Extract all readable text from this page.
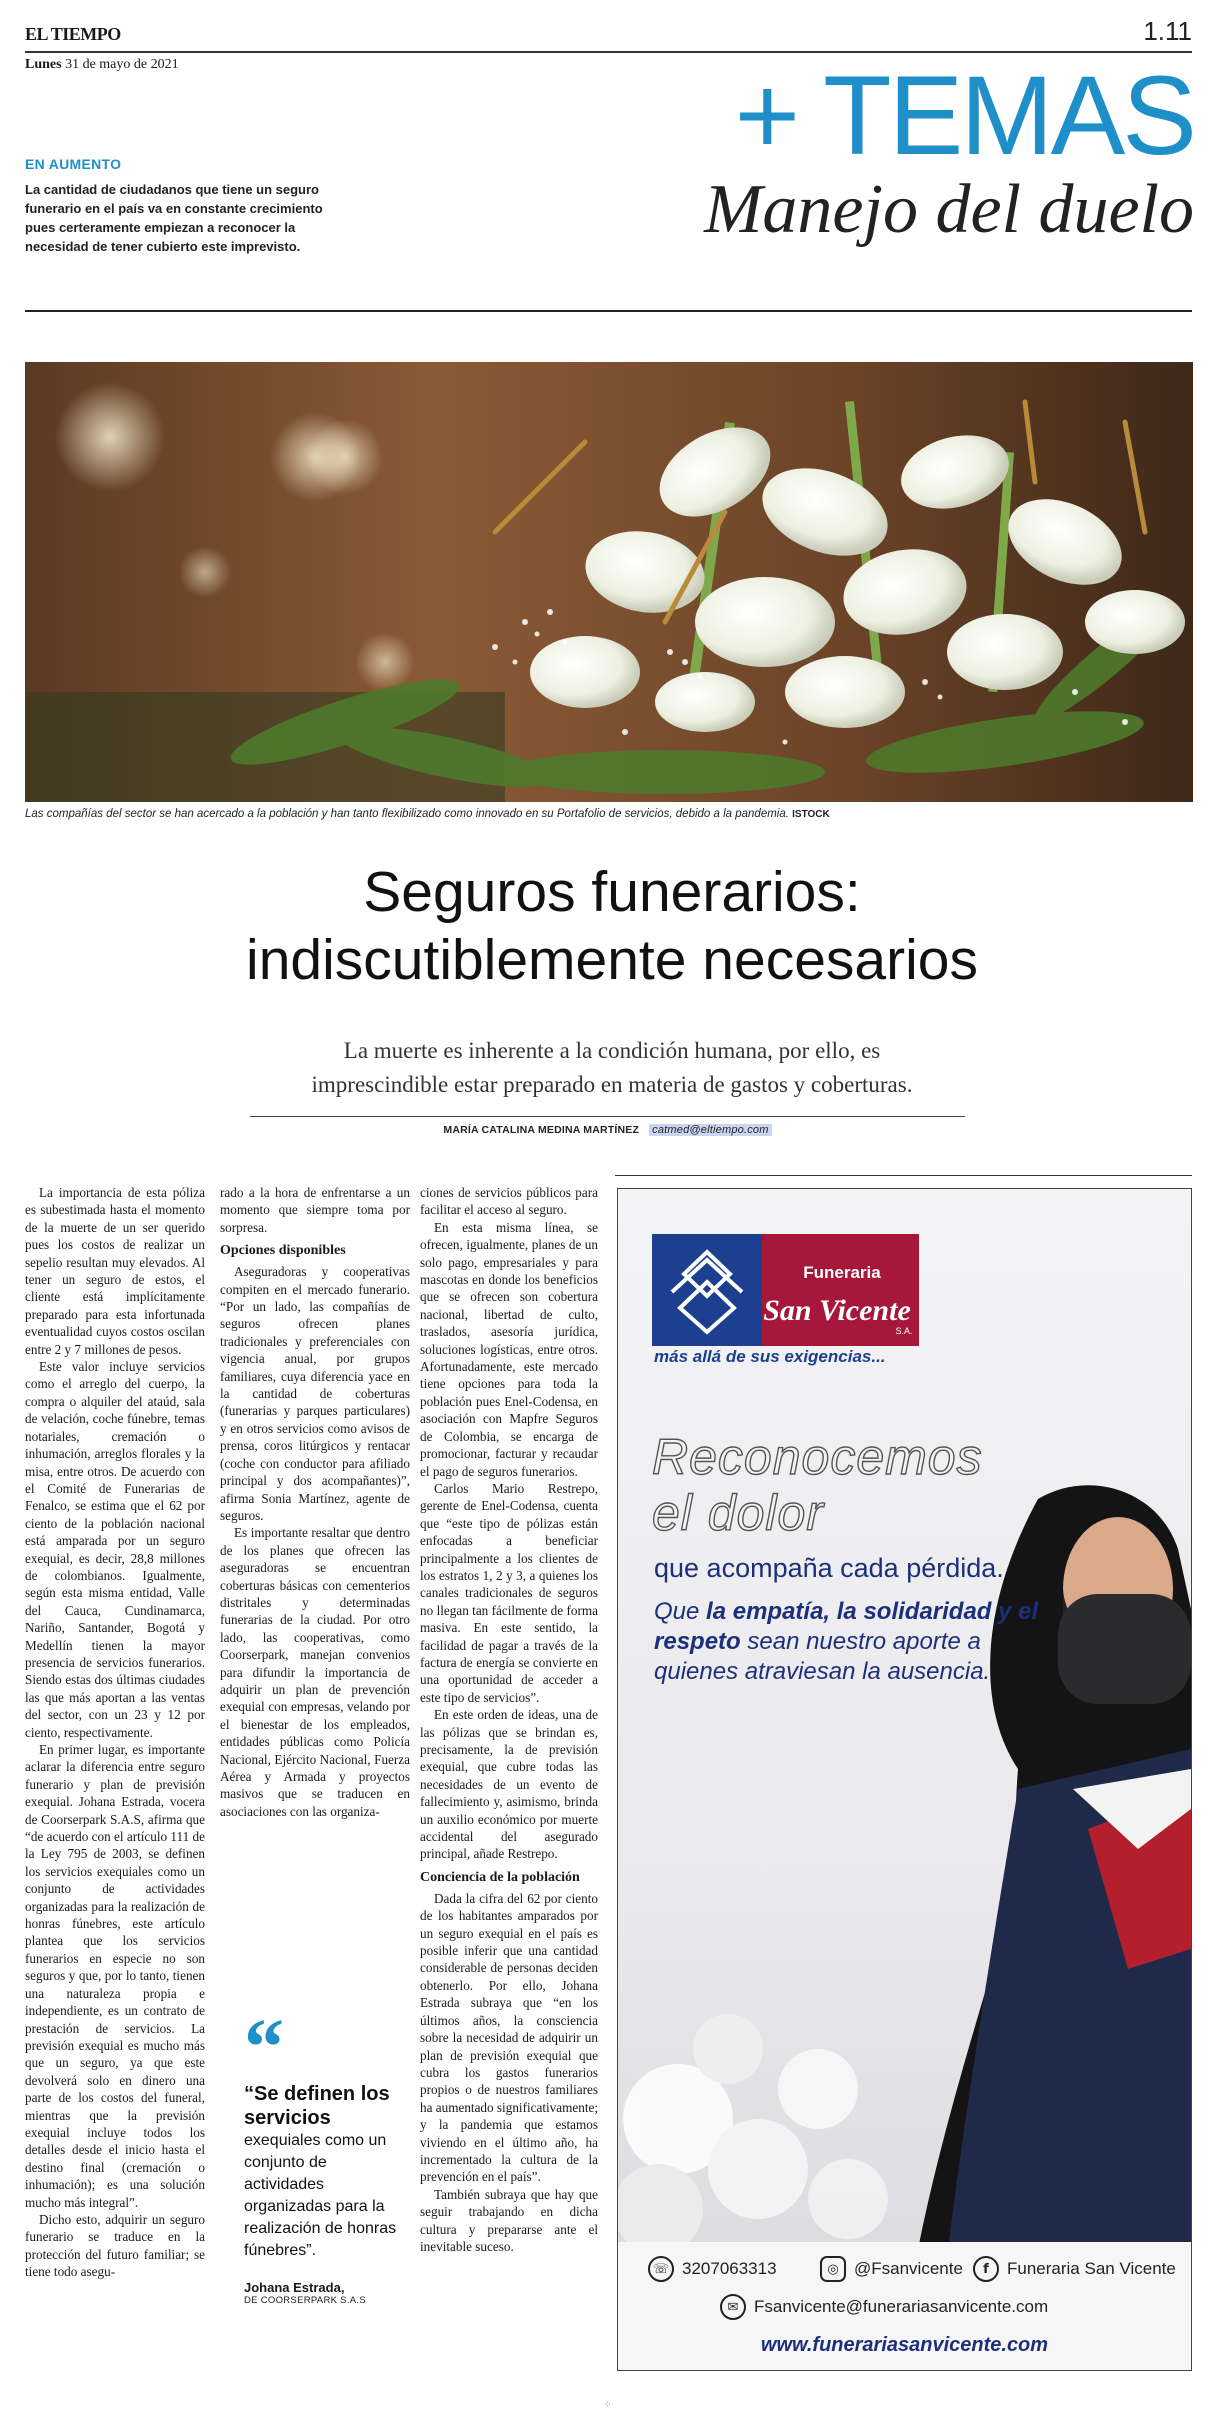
EL TIEMPO	1.11
Lunes 31 de mayo de 2021
EN AUMENTO
La cantidad de ciudadanos que tiene un seguro funerario en el país va en constante crecimiento pues certeramente empiezan a reconocer la necesidad de tener cubierto este imprevisto.
+ TEMAS
Manejo del duelo
Las compañías del sector se han acercado a la población y han tanto flexibilizado como innovado en su Portafolio de servicios, debido a la pandemia. ISTOCK
Seguros funerarios:
indiscutiblemente necesarios
La muerte es inherente a la condición humana, por ello, es
imprescindible estar preparado en materia de gastos y coberturas.
MARÍA CATALINA MEDINA MARTÍNEZ catmed@eltiempo.com

La importancia de esta póliza es subestimada hasta el momento de la muerte de un ser querido pues los costos de realizar un sepelio resultan muy elevados. Al tener un seguro de estos, el cliente está implícitamente preparado para esta infortunada eventualidad cuyos costos oscilan entre 2 y 7 millones de pesos.

Este valor incluye servicios como el arreglo del cuerpo, la compra o alquiler del ataúd, sala de velación, coche fúnebre, temas notariales, cremación o inhumación, arreglos florales y la misa, entre otros. De acuerdo con el Comité de Funerarias de Fenalco, se estima que el 62 por ciento de la población nacional está amparada por un seguro exequial, es decir, 28,8 millones de colombianos. Igualmente, según esta misma entidad, Valle del Cauca, Cundinamarca, Nariño, Santander, Bogotá y Medellín tienen la mayor presencia de servicios funerarios. Siendo estas dos últimas ciudades las que más aportan a las ventas del sector, con un 23 y 12 por ciento, respectivamente.

En primer lugar, es importante aclarar la diferencia entre seguro funerario y plan de previsión exequial. Johana Estrada, vocera de Coorserpark S.A.S, afirma que “de acuerdo con el artículo 111 de la Ley 795 de 2003, se definen los servicios exequiales como un conjunto de actividades organizadas para la realización de honras fúnebres, este artículo plantea que los servicios funerarios en especie no son seguros y que, por lo tanto, tienen una naturaleza propia e independiente, es un contrato de prestación de servicios. La previsión exequial es mucho más que un seguro, ya que este devolverá solo en dinero una parte de los costos del funeral, mientras que la previsión exequial incluye todos los detalles desde el inicio hasta el destino final (cremación o inhumación); es una solución mucho más integral”.

Dicho esto, adquirir un seguro funerario se traduce en la protección del futuro familiar; se tiene todo asegu-

rado a la hora de enfrentarse a un momento que siempre toma por sorpresa.

Opciones disponibles

Aseguradoras y cooperativas compiten en el mercado funerario. “Por un lado, las compañías de seguros ofrecen planes tradicionales y preferenciales con vigencia anual, por grupos familiares, cuya diferencia yace en la cantidad de coberturas (funerarias y parques particulares) y en otros servicios como avisos de prensa, coros litúrgicos y rentacar (coche con conductor para afiliado principal y dos acompañantes)”, afirma Sonia Martínez, agente de seguros.

Es importante resaltar que dentro de los planes que ofrecen las aseguradoras se encuentran coberturas básicas con cementerios distritales y determinadas funerarias de la ciudad. Por otro lado, las cooperativas, como Coorserpark, manejan convenios para difundir la importancia de adquirir un plan de prevención exequial con empresas, velando por el bienestar de los empleados, entidades públicas como Policía Nacional, Ejército Nacional, Fuerza Aérea y Armada y proyectos masivos que se traducen en asociaciones con las organiza-

“
“Se definen los servicios
exequiales como un conjunto de actividades organizadas para la realización de honras fúnebres”.
Johana Estrada,
DE COORSERPARK S.A.S

ciones de servicios públicos para facilitar el acceso al seguro.

En esta misma línea, se ofrecen, igualmente, planes de un solo pago, empresariales y para mascotas en donde los beneficios que se ofrecen son cobertura nacional, libertad de culto, traslados, asesoría jurídica, soluciones logísticas, entre otros. Afortunadamente, este mercado tiene opciones para toda la población pues Enel-Codensa, en asociación con Mapfre Seguros de Colombia, se encarga de promocionar, facturar y recaudar el pago de seguros funerarios.

Carlos Mario Restrepo, gerente de Enel-Codensa, cuenta que “este tipo de pólizas están enfocadas a beneficiar principalmente a los clientes de los estratos 1, 2 y 3, a quienes los canales tradicionales de seguros no llegan tan fácilmente de forma masiva. En este sentido, la facilidad de pagar a través de la factura de energía se convierte en una oportunidad de acceder a este tipo de servicios”.

En este orden de ideas, una de las pólizas que se brindan es, precisamente, la de previsión exequial, que cubre todas las necesidades de un evento de fallecimiento y, asimismo, brinda un auxilio económico por muerte accidental del asegurado principal, añade Restrepo.

Conciencia de la población

Dada la cifra del 62 por ciento de los habitantes amparados por un seguro exequial en el país es posible inferir que una cantidad considerable de personas deciden obtenerlo. Por ello, Johana Estrada subraya que “en los últimos años, la consciencia sobre la necesidad de adquirir un plan de previsión exequial que cubra los gastos funerarios propios o de nuestros familiares ha aumentado significativamente; y la pandemia que estamos viviendo en el último año, ha incrementado la cultura de la prevención en el país”.

También subraya que hay que seguir trabajando en dicha cultura y prepararse ante el inevitable suceso.

Funeraria
San Vicente
S.A.
más allá de sus exigencias...
Reconocemos
el dolor
que acompaña cada pérdida.
Que la empatía, la solidaridad y el respeto sean nuestro aporte a quienes atraviesan la ausencia.
☏ 3207063313	◎ @Fsanvicente	f	Funeraria San Vicente
✉ Fsanvicente@funerariasanvicente.com
www.funerariasanvicente.com
⁘
